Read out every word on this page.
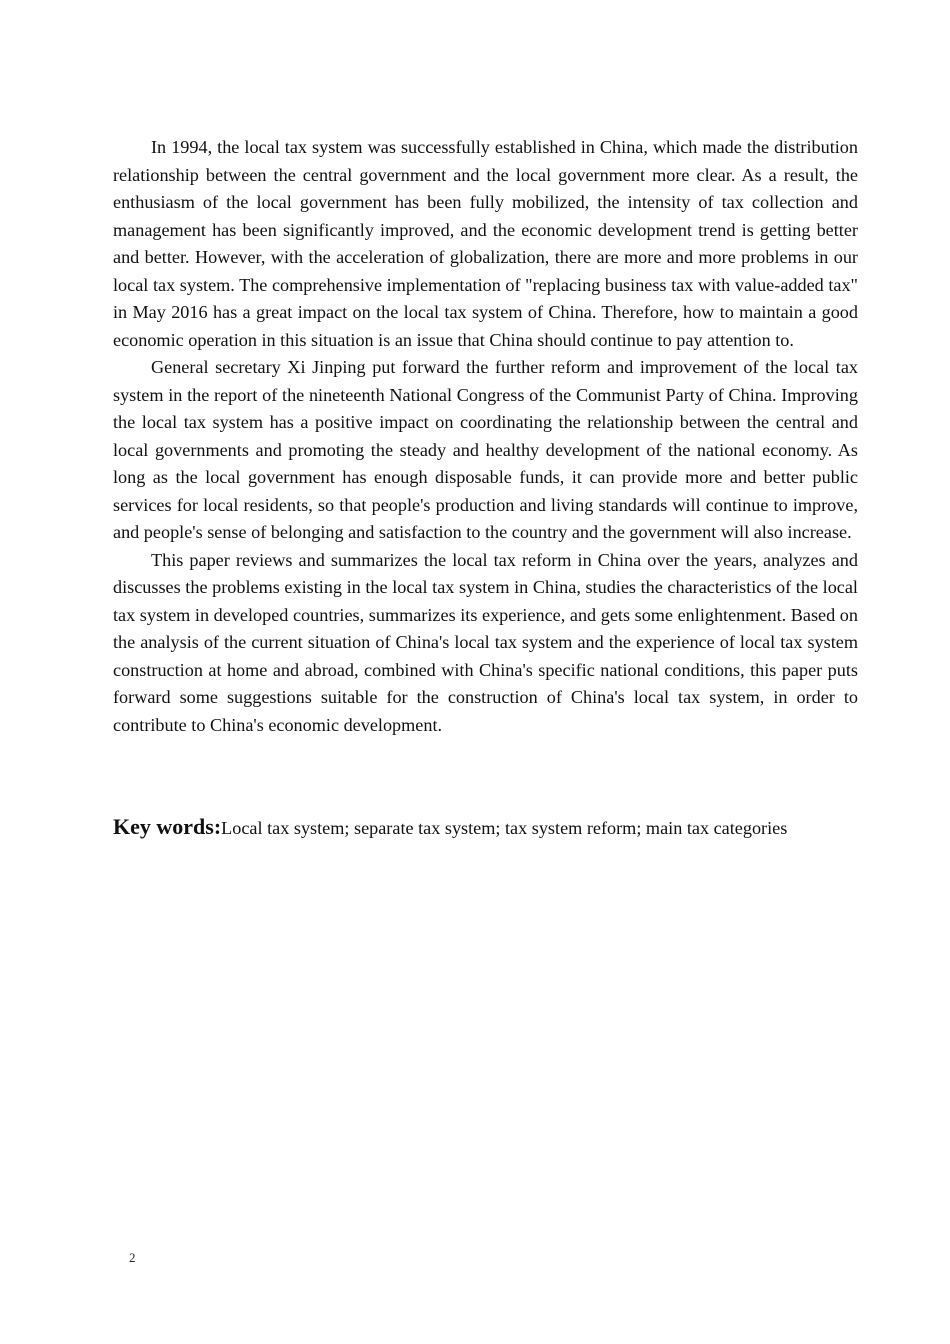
In 1994, the local tax system was successfully established in China, which made the distribution relationship between the central government and the local government more clear. As a result, the enthusiasm of the local government has been fully mobilized, the intensity of tax collection and management has been significantly improved, and the economic development trend is getting better and better. However, with the acceleration of globalization, there are more and more problems in our local tax system. The comprehensive implementation of "replacing business tax with value-added tax" in May 2016 has a great impact on the local tax system of China. Therefore, how to maintain a good economic operation in this situation is an issue that China should continue to pay attention to.

General secretary Xi Jinping put forward the further reform and improvement of the local tax system in the report of the nineteenth National Congress of the Communist Party of China. Improving the local tax system has a positive impact on coordinating the relationship between the central and local governments and promoting the steady and healthy development of the national economy. As long as the local government has enough disposable funds, it can provide more and better public services for local residents, so that people's production and living standards will continue to improve, and people's sense of belonging and satisfaction to the country and the government will also increase.

This paper reviews and summarizes the local tax reform in China over the years, analyzes and discusses the problems existing in the local tax system in China, studies the characteristics of the local tax system in developed countries, summarizes its experience, and gets some enlightenment. Based on the analysis of the current situation of China's local tax system and the experience of local tax system construction at home and abroad, combined with China's specific national conditions, this paper puts forward some suggestions suitable for the construction of China's local tax system, in order to contribute to China's economic development.

Key words:Local tax system; separate tax system; tax system reform; main tax categories
2
